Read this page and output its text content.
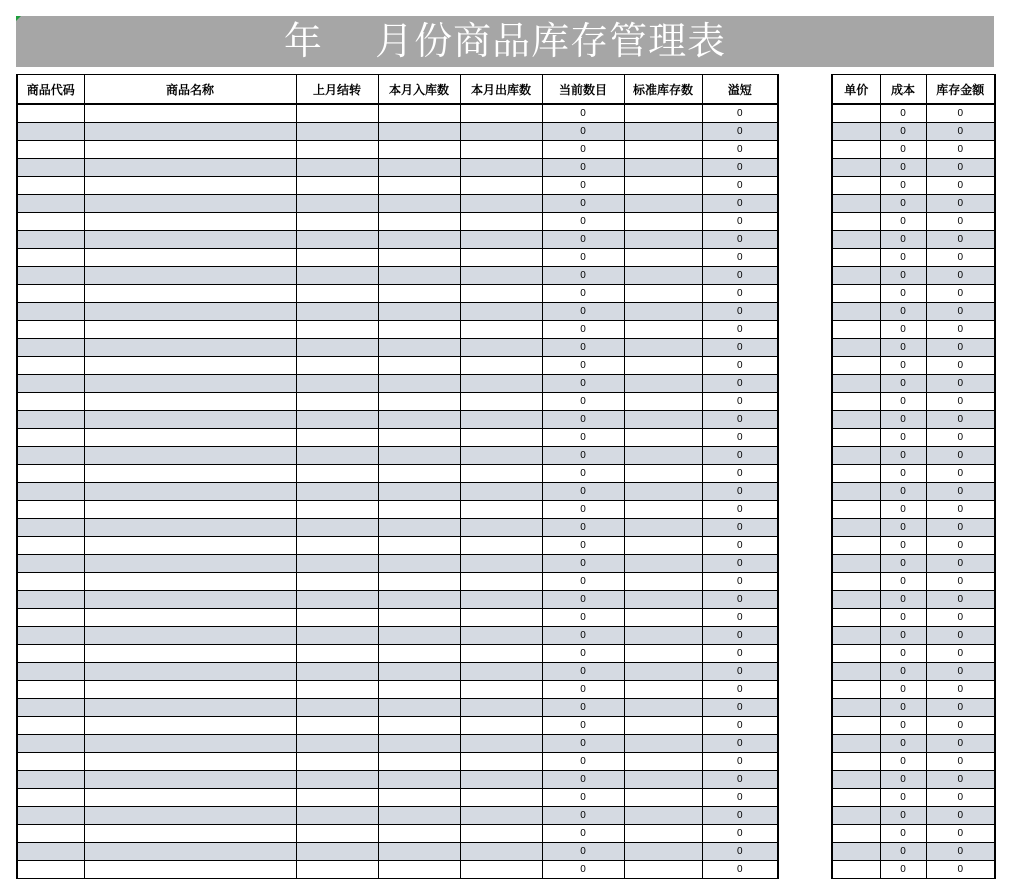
年    月份商品库存管理表
商品代码	商品名称	上月结转	本月入库数	本月出库数	当前数目	标准库存数	溢短
					0		0
					0		0
					0		0
					0		0
					0		0
					0		0
					0		0
					0		0
					0		0
					0		0
					0		0
					0		0
					0		0
					0		0
					0		0
					0		0
					0		0
					0		0
					0		0
					0		0
					0		0
					0		0
					0		0
					0		0
					0		0
					0		0
					0		0
					0		0
					0		0
					0		0
					0		0
					0		0
					0		0
					0		0
					0		0
					0		0
					0		0
					0		0
					0		0
					0		0
					0		0
					0		0
					0		0
单价	成本	库存金额
	0	0
	0	0
	0	0
	0	0
	0	0
	0	0
	0	0
	0	0
	0	0
	0	0
	0	0
	0	0
	0	0
	0	0
	0	0
	0	0
	0	0
	0	0
	0	0
	0	0
	0	0
	0	0
	0	0
	0	0
	0	0
	0	0
	0	0
	0	0
	0	0
	0	0
	0	0
	0	0
	0	0
	0	0
	0	0
	0	0
	0	0
	0	0
	0	0
	0	0
	0	0
	0	0
	0	0
